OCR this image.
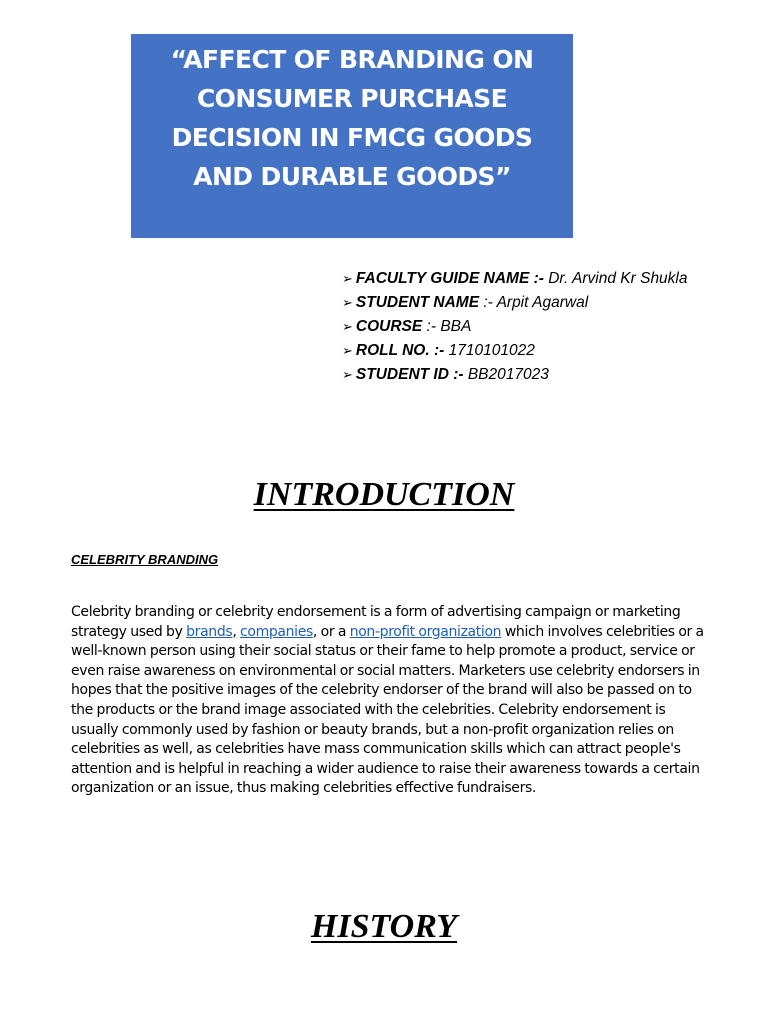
“AFFECT OF BRANDING ON
CONSUMER PURCHASE
DECISION IN FMCG GOODS
AND DURABLE GOODS”

➢ FACULTY GUIDE NAME :- Dr. Arvind Kr Shukla
➢ STUDENT NAME :- Arpit Agarwal
➢ COURSE :- BBA
➢ ROLL NO. :- 1710101022
➢ STUDENT ID :- BB2017023
INTRODUCTION
CELEBRITY BRANDING

Celebrity branding or celebrity endorsement is a form of advertising campaign or marketing strategy used by brands, companies, or a non-profit organization which involves celebrities or a well-known person using their social status or their fame to help promote a product, service or even raise awareness on environmental or social matters. Marketers use celebrity endorsers in hopes that the positive images of the celebrity endorser of the brand will also be passed on to the products or the brand image associated with the celebrities. Celebrity endorsement is usually commonly used by fashion or beauty brands, but a non-profit organization relies on celebrities as well, as celebrities have mass communication skills which can attract people's attention and is helpful in reaching a wider audience to raise their awareness towards a certain organization or an issue, thus making celebrities effective fundraisers.

HISTORY
